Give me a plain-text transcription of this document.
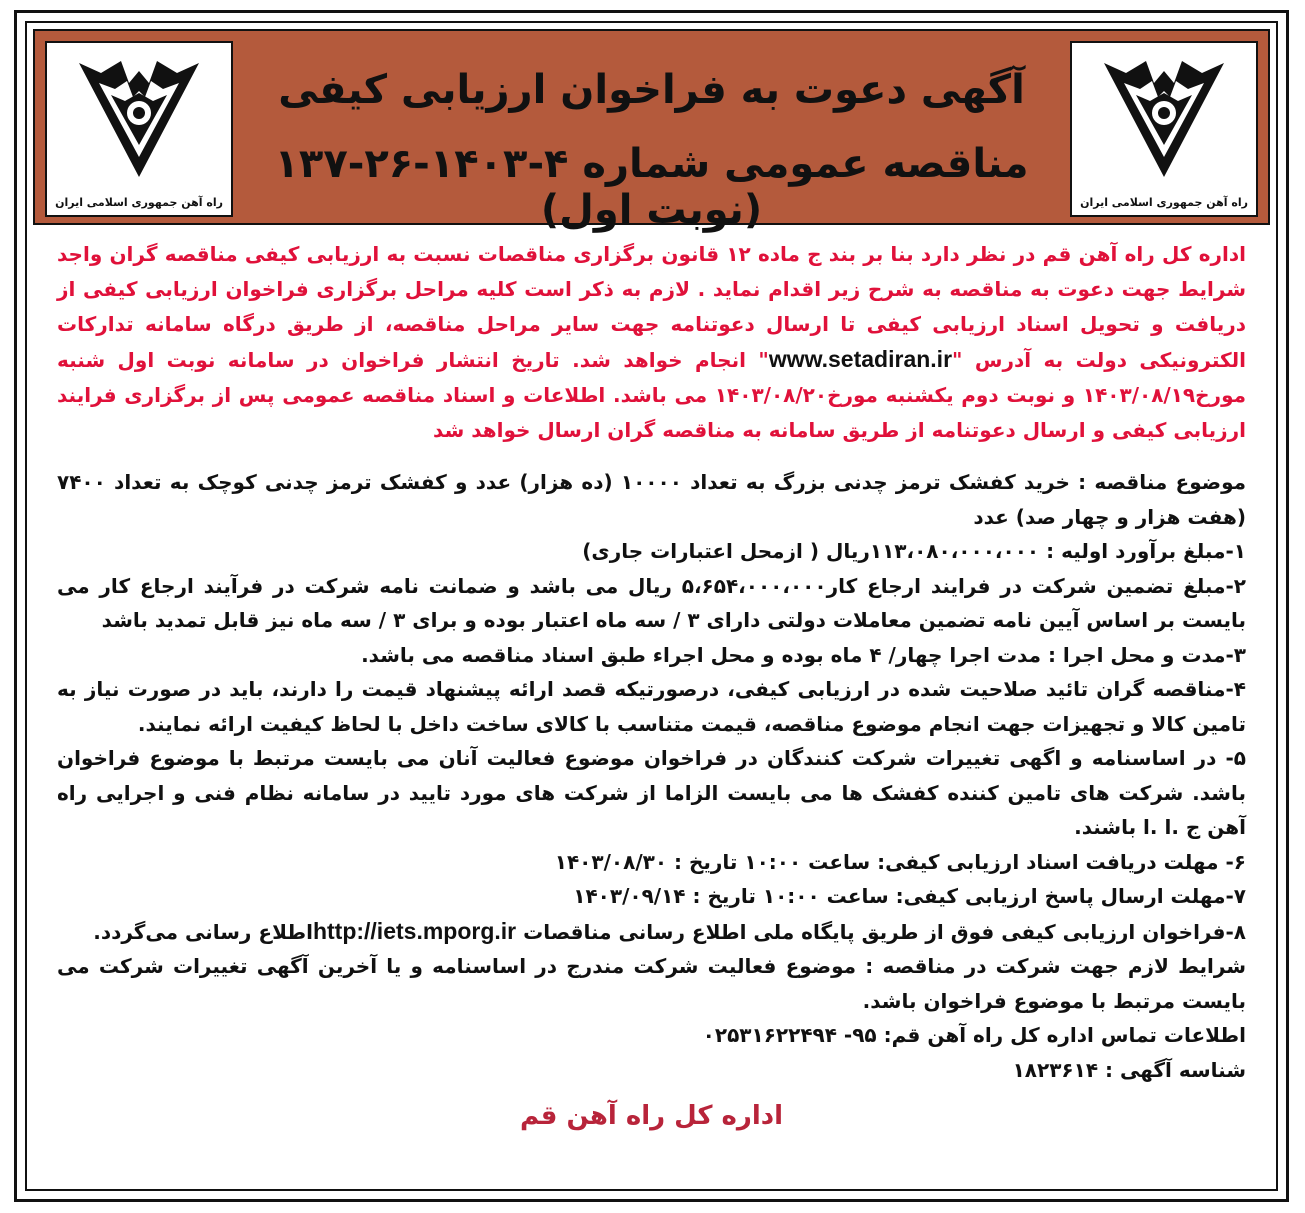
راه آهن جمهوری اسلامی ایران	راه آهن جمهوری اسلامی ایران
آگهی دعوت به فراخوان ارزیابی کیفی
مناقصه عمومی شماره ۴-۱۴۰۳-۲۶-۱۳۷ (نوبت اول)
اداره کل راه آهن قم در نظر دارد بنا بر بند ج ماده ۱۲ قانون برگزاری مناقصات نسبت به ارزیابی کیفی مناقصه گران واجد شرایط جهت دعوت به مناقصه به شرح زیر اقدام نماید . لازم به ذکر است کلیه مراحل برگزاری فراخوان ارزیابی کیفی از دریافت و تحویل اسناد ارزیابی کیفی تا ارسال دعوتنامه جهت سایر مراحل مناقصه، از طریق درگاه سامانه تدارکات الکترونیکی دولت به آدرس "www.setadiran.ir" انجام خواهد شد. تاریخ انتشار فراخوان در سامانه نوبت اول شنبه مورخ۱۴۰۳/۰۸/۱۹ و نوبت دوم یکشنبه مورخ۱۴۰۳/۰۸/۲۰ می باشد. اطلاعات و اسناد مناقصه عمومی پس از برگزاری فرایند ارزیابی کیفی و ارسال دعوتنامه از طریق سامانه به مناقصه گران ارسال خواهد شد

موضوع مناقصه : خرید کفشک ترمز چدنی بزرگ به تعداد ۱۰۰۰۰ (ده هزار) عدد و کفشک ترمز چدنی کوچک به تعداد ۷۴۰۰ (هفت هزار و چهار صد) عدد

۱-مبلغ برآورد اولیه : ۱۱۳،۰۸۰،۰۰۰،۰۰۰ریال ( ازمحل اعتبارات جاری)

۲-مبلغ تضمین شرکت در فرایند ارجاع کار۵،۶۵۴،۰۰۰،۰۰۰ ریال می باشد و ضمانت نامه شرکت در فرآیند ارجاع کار می بایست بر اساس آیین نامه تضمین معاملات دولتی دارای ۳ / سه ماه اعتبار بوده و برای ۳ / سه ماه نیز قابل تمدید باشد

۳-مدت و محل اجرا : مدت اجرا چهار/ ۴ ماه بوده و محل اجراء طبق اسناد مناقصه می باشد.

۴-مناقصه گران تائید صلاحیت شده در ارزیابی کیفی، درصورتیکه قصد ارائه پیشنهاد قیمت را دارند، باید در صورت نیاز به تامین کالا و تجهیزات جهت انجام موضوع مناقصه، قیمت متناسب با کالای ساخت داخل با لحاظ کیفیت ارائه نمایند.

۵- در اساسنامه و اگهی تغییرات شرکت کنندگان در فراخوان موضوع فعالیت آنان می بایست مرتبط با موضوع فراخوان باشد. شرکت های تامین کننده کفشک ها می بایست الزاما از شرکت های مورد تایید در سامانه نظام فنی و اجرایی راه آهن ج .ا .ا باشند.

۶- مهلت دریافت اسناد ارزیابی کیفی: ساعت ۱۰:۰۰ تاریخ : ۱۴۰۳/۰۸/۳۰

۷-مهلت ارسال پاسخ ارزیابی کیفی: ساعت ۱۰:۰۰ تاریخ : ۱۴۰۳/۰۹/۱۴

۸-فراخوان ارزیابی کیفی فوق از طریق پایگاه ملی اطلاع رسانی مناقصات http://iets.mporg.irاطلاع رسانی می‌گردد.

شرایط لازم جهت شرکت در مناقصه : موضوع فعالیت شرکت مندرج در اساسنامه و یا آخرین آگهی تغییرات شرکت می بایست مرتبط با موضوع فراخوان باشد.

اطلاعات تماس اداره کل راه آهن قم: ۹۵- ۰۲۵۳۱۶۲۲۴۹۴

شناسه آگهی : ۱۸۲۳۶۱۴

اداره کل راه آهن قم
